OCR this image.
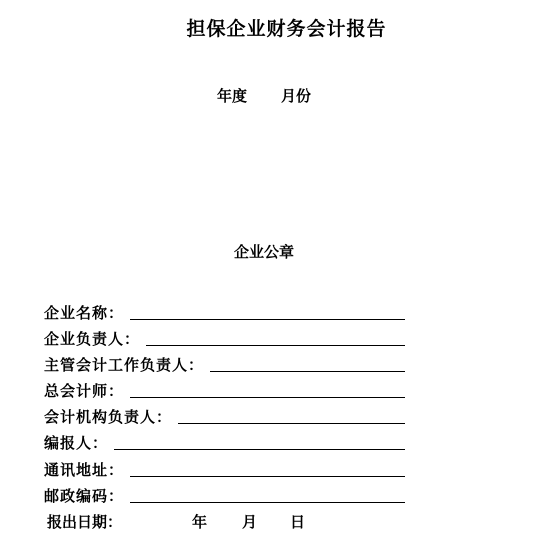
担保企业财务会计报告
年度 月份
企业公章
企业名称：
企业负责人：
主管会计工作负责人：
总会计师：
会计机构负责人：
编报人：
通讯地址：
邮政编码：
报出日期：	年 月 日
